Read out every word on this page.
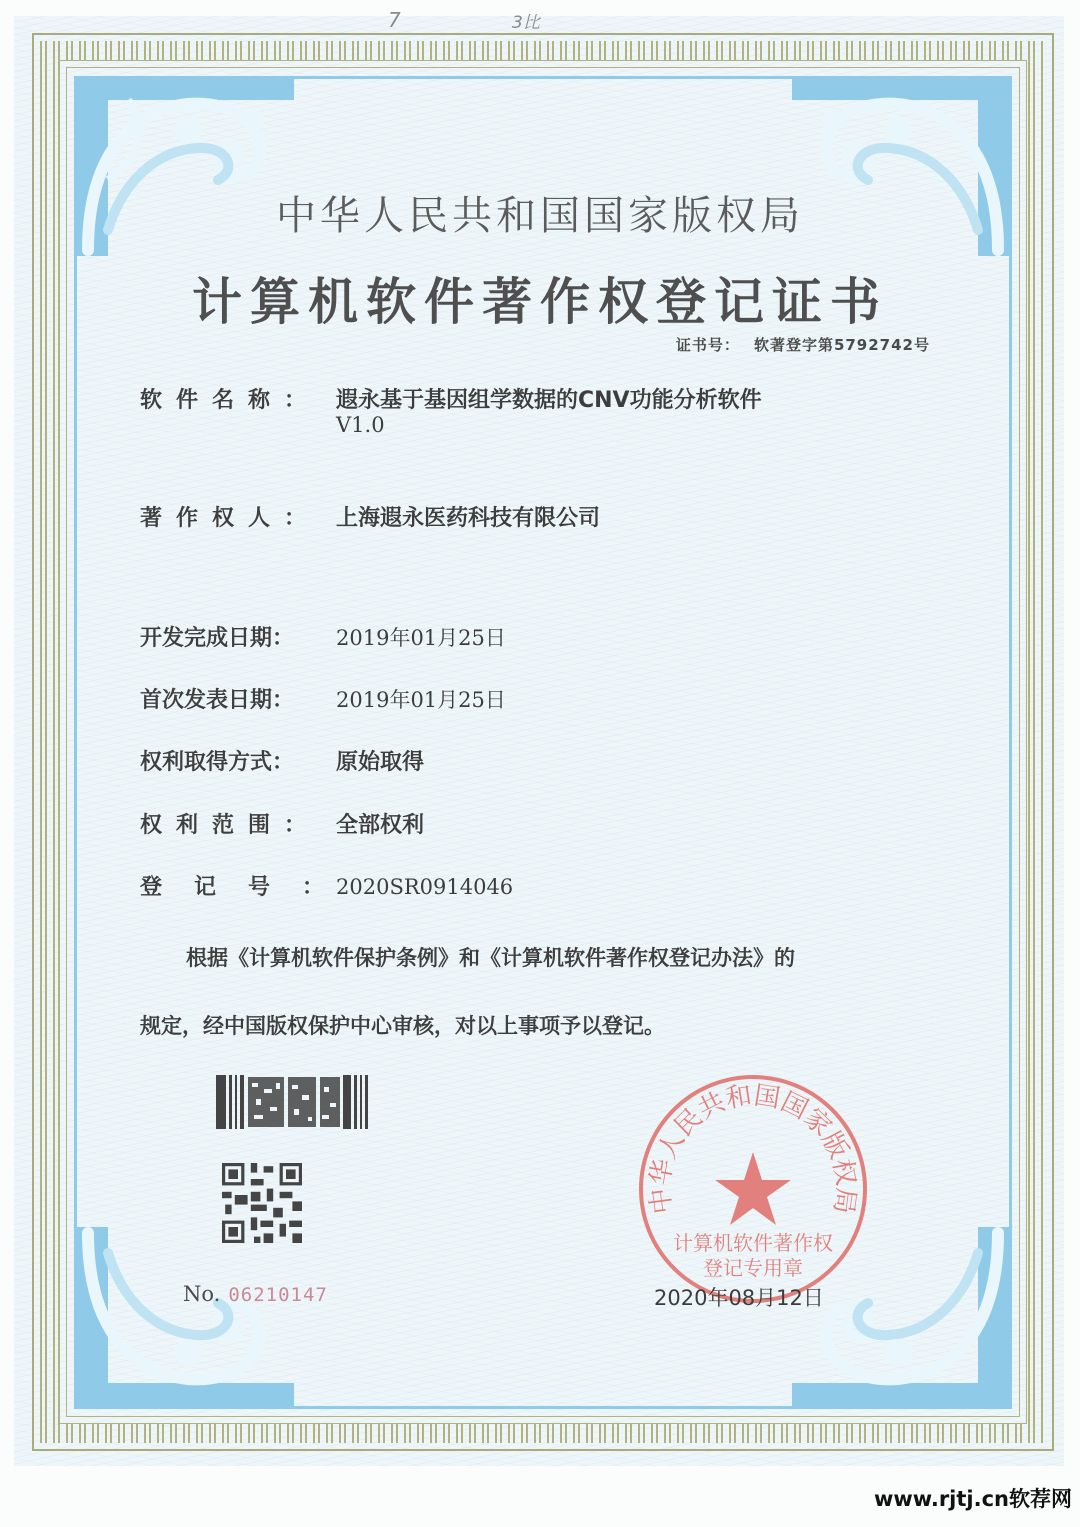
7	3比
中华人民共和国国家版权局
计算机软件著作权登记证书
证书号： 软著登字第5792742号
软件名称： 遐永基于基因组学数据的CNV功能分析软件
V1.0
著作权人： 上海遐永医药科技有限公司
开发完成日期： 2019年01月25日
首次发表日期： 2019年01月25日
权利取得方式： 原始取得
权利范围： 全部权利
登记号：2020SR0914046
根据《计算机软件保护条例》和《计算机软件著作权登记办法》的
规定，经中国版权保护中心审核，对以上事项予以登记。
No. 06210147
中华人民共和国国家版权局
计算机软件著作权
登记专用章
2020年08月12日
www.rjtj.cn软荐网
